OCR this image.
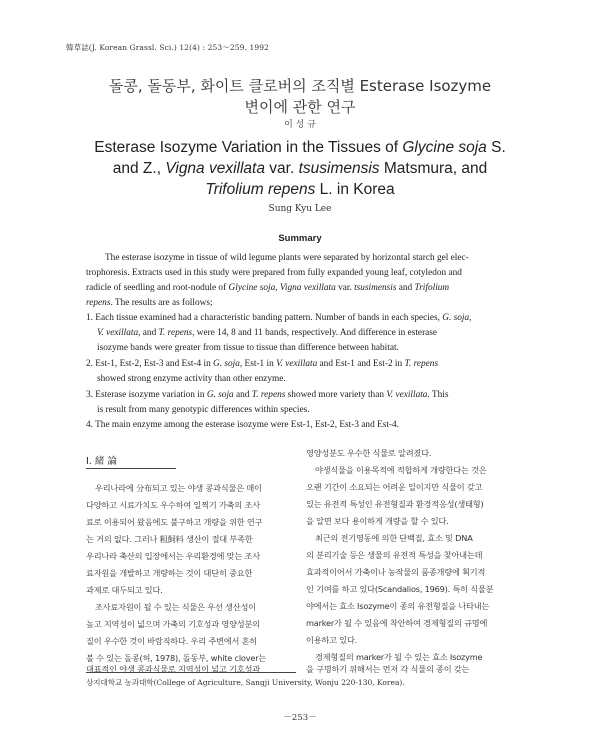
韓草誌(J. Korean Grassl. Sci.) 12(4) : 253～259. 1992
돌콩, 돌동부, 화이트 클로버의 조직별 Esterase Isozyme
변이에 관한 연구
이 성 규
Esterase Isozyme Variation in the Tissues of Glycine soja S.
and Z., Vigna vexillata var. tsusimensis Matsmura, and
Trifolium repens L. in Korea
Sung Kyu Lee
Summary
The esterase isozyme in tissue of wild legume plants were separated by horizontal starch gel elec-
trophoresis. Extracts used in this study were prepared from fully expanded young leaf, cotyledon and
radicle of seedling and root-nodule of Glycine soja, Vigna vexillata var. tsusimensis and Trifolium
repens. The results are as follows;
1. Each tissue examined had a characteristic banding pattern. Number of bands in each species, G. soja,
V. vexillata, and T. repens, were 14, 8 and 11 bands, respectively. And difference in esterase
isozyme bands were greater from tissue to tissue than difference between habitat.
2. Est-1, Est-2, Est-3 and Est-4 in G. soja, Est-1 in V. vexillata and Est-1 and Est-2 in T. repens
showed strong enzyme activity than other enzyme.
3. Esterase isozyme variation in G. soja and T. repens showed more variety than V. vexillata. This
is result from many genotypic differences within species.
4. The main enzyme among the esterase isozyme were Est-1, Est-2, Est-3 and Est-4.
Ⅰ. 緒 論
우리나라에 分布되고 있는 야생 콩과식물은 매이
다양하고 시료가치도 우수하여 일찍기 가축의 조사
료로 이용되어 왔음에도 불구하고 개량을 위한 연구
는 거의 없다. 그러나 粗飼料 생산이 절대 부족한
우리나라 축산의 입장에서는 우리환경에 맞는 조사
료자원을 개발하고 개량하는 것이 대단히 중요한
과제로 대두되고 있다.
조사료자원이 될 수 있는 식물은 우선 생산성이
높고 지역성이 넓으며 가축의 기호성과 영양성분의
질이 우수한 것이 바람직하다. 우리 주변에서 흔히
볼 수 있는 돌콩(허, 1978), 돌동부, white clover는
대표적인 야생 콩과식물로 지역성이 넓고 기호성과
영양성분도 우수한 식물로 알려졌다.
야생식물을 이용목적에 적합하게 개량한다는 것은
오랜 기간이 소요되는 어려운 일이지만 식물이 갖고
있는 유전적 특성인 유전형질과 환경적응성(생태형)
을 알면 보다 용이하게 개량을 할 수 있다.
최근의 전기영동에 의한 단백질, 효소 및 DNA
의 분리기술 등은 생물의 유전적 특성을 찾아내는데
효과적이어서 가축이나 농작물의 품종개량에 획기적
인 기여를 하고 있다(Scandalios, 1969). 특히 식물분
야에서는 효소 Isozyme이 종의 유전형질을 나타내는
marker가 될 수 있음에 착안하여 경제형질의 규명에
이용하고 있다.
경제형질의 marker가 될 수 있는 효소 Isozyme
을 구명하기 위해서는 먼저 각 식물의 종이 갖는
상지대학교 농과대학(College of Agriculture, Sangji University, Wonju 220-130, Korea).
－253－
